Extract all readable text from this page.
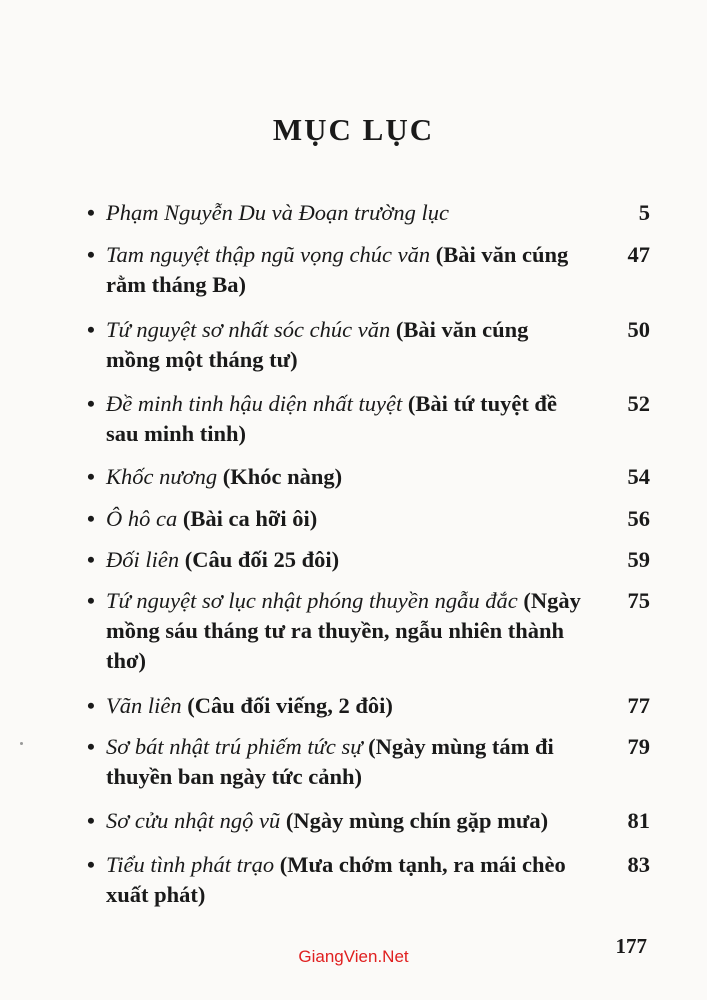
MỤC LỤC
• Phạm Nguyễn Du và Đoạn trường lục	5
• Tam nguyệt thập ngũ vọng chúc văn (Bài văn cúng rằm tháng Ba)
47
• Tứ nguyệt sơ nhất sóc chúc văn (Bài văn cúng mồng một tháng tư)
50
• Đề minh tinh hậu diện nhất tuyệt (Bài tứ tuyệt đề sau minh tinh)
52
• Khốc nương (Khóc nàng)	54
• Ô hô ca (Bài ca hỡi ôi)	56
• Đối liên (Câu đối 25 đôi)	59
• Tứ nguyệt sơ lục nhật phóng thuyền ngẫu đắc (Ngày mồng sáu tháng tư ra thuyền, ngẫu nhiên thành thơ)
75
• Vãn liên (Câu đối viếng, 2 đôi)	77
• Sơ bát nhật trú phiếm tức sự (Ngày mùng tám đi thuyền ban ngày tức cảnh)
79
• Sơ cửu nhật ngộ vũ (Ngày mùng chín gặp mưa)	81
• Tiểu tình phát trạo (Mưa chớm tạnh, ra mái chèo xuất phát)
83
GiangVien.Net	177
